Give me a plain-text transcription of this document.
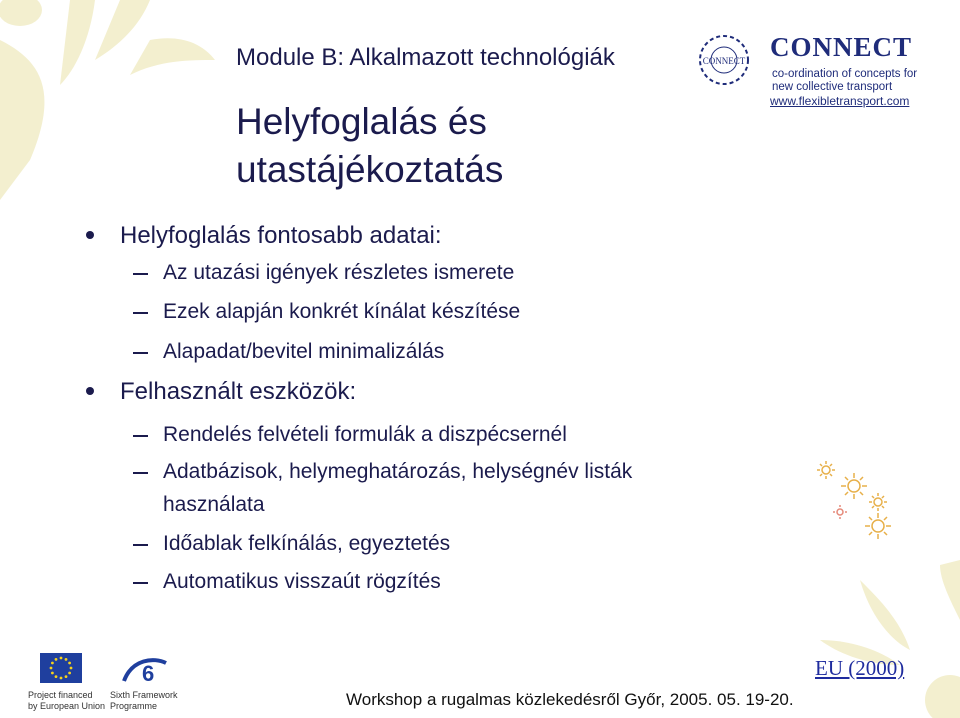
Module B: Alkalmazott technológiák
Helyfoglalás és
utastájékoztatás
CONNECT CONNECT
co-ordination of concepts for
new collective transport
www.flexibletransport.com
Helyfoglalás fontosabb adatai:
Az utazási igények részletes ismerete
Ezek alapján konkrét kínálat készítése
Alapadat/bevitel minimalizálás
Felhasznált eszközök:
Rendelés felvételi formulák a diszpécsernél
Adatbázisok, helymeghatározás, helységnév listák
használata
Időablak felkínálás, egyeztetés
Automatikus visszaút rögzítés
6
Project financed
by European Union
Sixth Framework
Programme	Workshop a rugalmas közlekedésről Győr, 2005. 05. 19-20.
EU (2000)
